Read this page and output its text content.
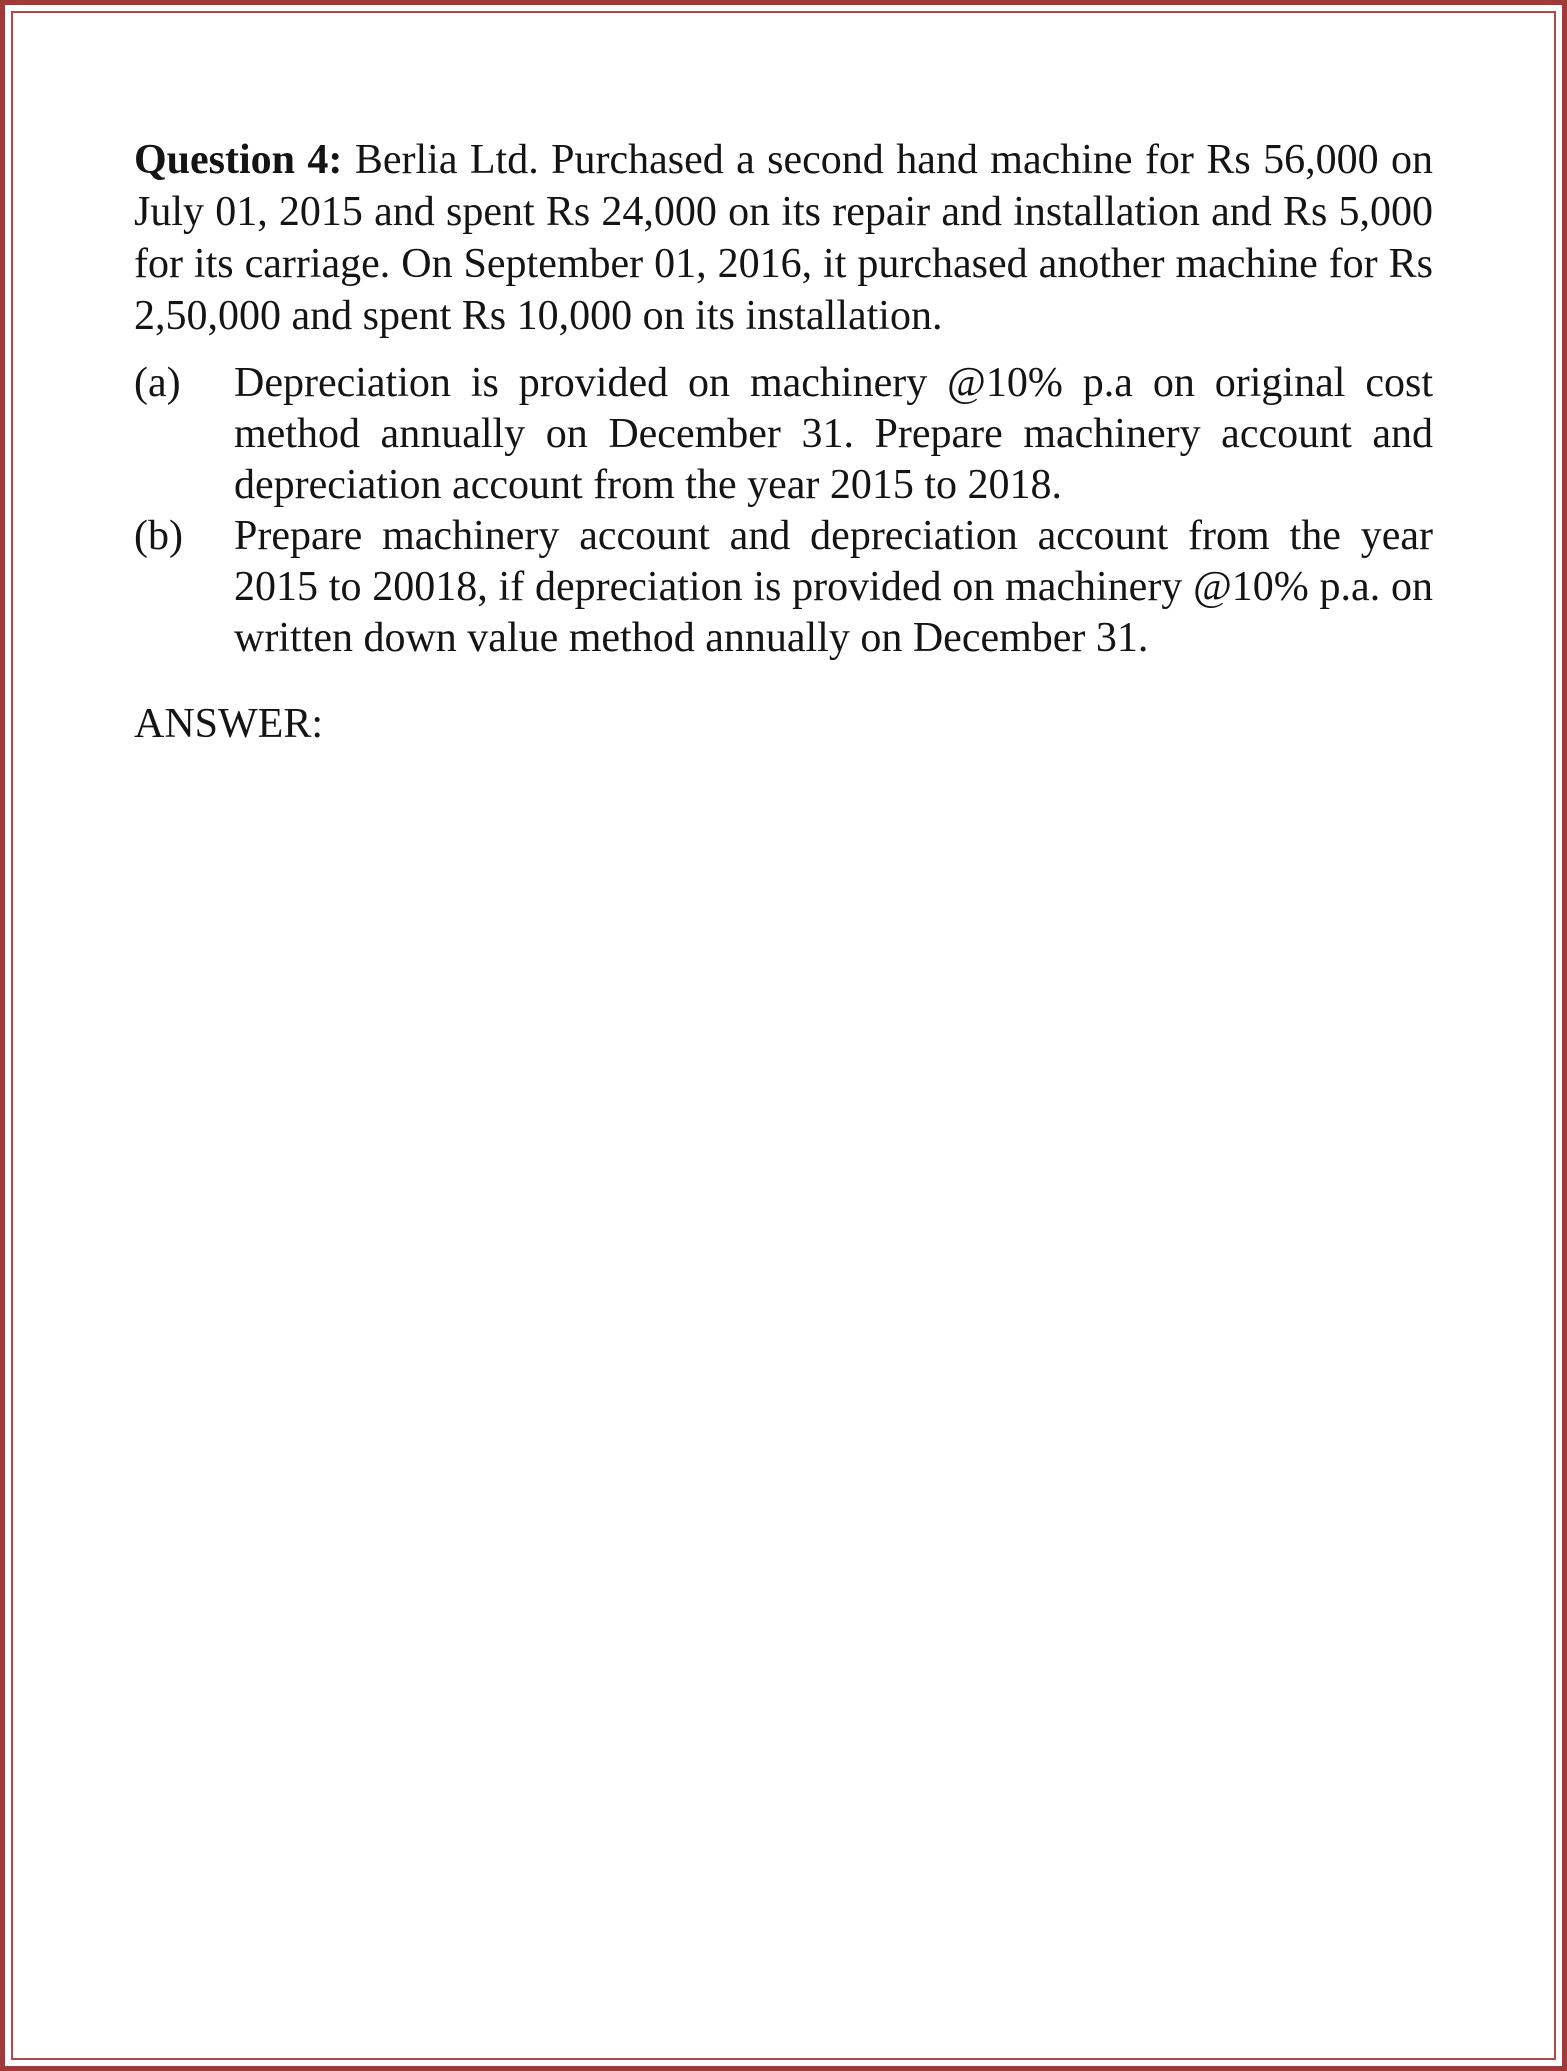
Question 4: Berlia Ltd. Purchased a second hand machine for Rs 56,000 on July 01, 2015 and spent Rs 24,000 on its repair and installation and Rs 5,000 for its carriage. On September 01, 2016, it purchased another machine for Rs 2,50,000 and spent Rs 10,000 on its installation.

(a) Depreciation is provided on machinery @10% p.a on original cost method annually on December 31. Prepare machinery account and depreciation account from the year 2015 to 2018.
(b) Prepare machinery account and depreciation account from the year 2015 to 20018, if depreciation is provided on machinery @10% p.a. on written down value method annually on December 31.

ANSWER:
